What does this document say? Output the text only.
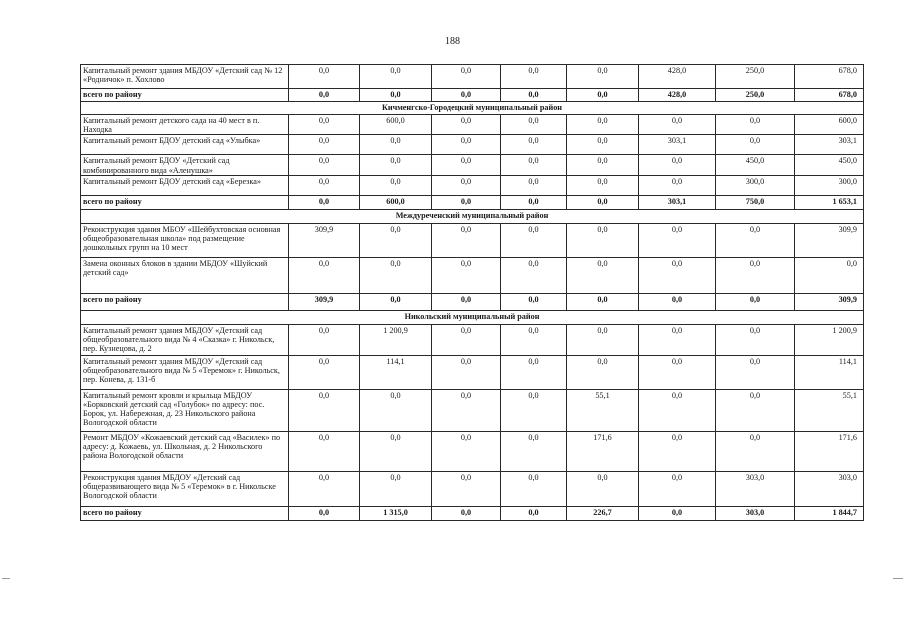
188
Капитальный ремонт здания МБДОУ «Детский сад № 12 «Родничок» п. Хохлово	0,0	0,0	0,0	0,0	0,0	428,0	250,0	678,0
всего по району	0,0	0,0	0,0	0,0	0,0	428,0	250,0	678,0
Кичменгско-Городецкий муниципальный район								
Капитальный ремонт детского сада на 40 мест в п. Находка	0,0	600,0	0,0	0,0	0,0	0,0	0,0	600,0
Капитальный ремонт БДОУ детский сад «Улыбка»	0,0	0,0	0,0	0,0	0,0	303,1	0,0	303,1
Капитальный ремонт БДОУ «Детский сад комбинированного вида «Аленушка»	0,0	0,0	0,0	0,0	0,0	0,0	450,0	450,0
Капитальный ремонт БДОУ детский сад «Березка»	0,0	0,0	0,0	0,0	0,0	0,0	300,0	300,0
всего по району	0,0	600,0	0,0	0,0	0,0	303,1	750,0	1 653,1
Междуреченский муниципальный район								
Реконструкция здания МБОУ «Шейбухтовская основная общеобразовательная школа» под размещение дошкольных групп на 10 мест	309,9	0,0	0,0	0,0	0,0	0,0	0,0	309,9
Замена оконных блоков в здании МБДОУ «Шуйский детский сад»	0,0	0,0	0,0	0,0	0,0	0,0	0,0	0,0
всего по району	309,9	0,0	0,0	0,0	0,0	0,0	0,0	309,9
Никольский муниципальный район								
Капитальный ремонт здания МБДОУ «Детский сад общеобразовательного вида № 4 «Сказка» г. Никольск, пер. Кузнецова, д. 2	0,0	1 200,9	0,0	0,0	0,0	0,0	0,0	1 200,9
Капитальный ремонт здания МБДОУ «Детский сад общеобразовательного вида № 5 «Теремок» г. Никольск, пер. Конева, д. 131-б	0,0	114,1	0,0	0,0	0,0	0,0	0,0	114,1
Капитальный ремонт кровли и крыльца МБДОУ «Борковский детский сад «Голубок» по адресу: пос. Борок, ул. Набережная, д. 23 Никольского района Вологодской области	0,0	0,0	0,0	0,0	55,1	0,0	0,0	55,1
Ремонт МБДОУ «Кожаевский детский сад «Василек» по адресу: д. Кожаевь, ул. Школьная, д. 2 Никольского района Вологодской области	0,0	0,0	0,0	0,0	171,6	0,0	0,0	171,6
Реконструкция здания МБДОУ «Детский сад общеразвивающего вида № 5 «Теремок» в г. Никольске Вологодской области	0,0	0,0	0,0	0,0	0,0	0,0	303,0	303,0
всего по району	0,0	1 315,0	0,0	0,0	226,7	0,0	303,0	1 844,7
